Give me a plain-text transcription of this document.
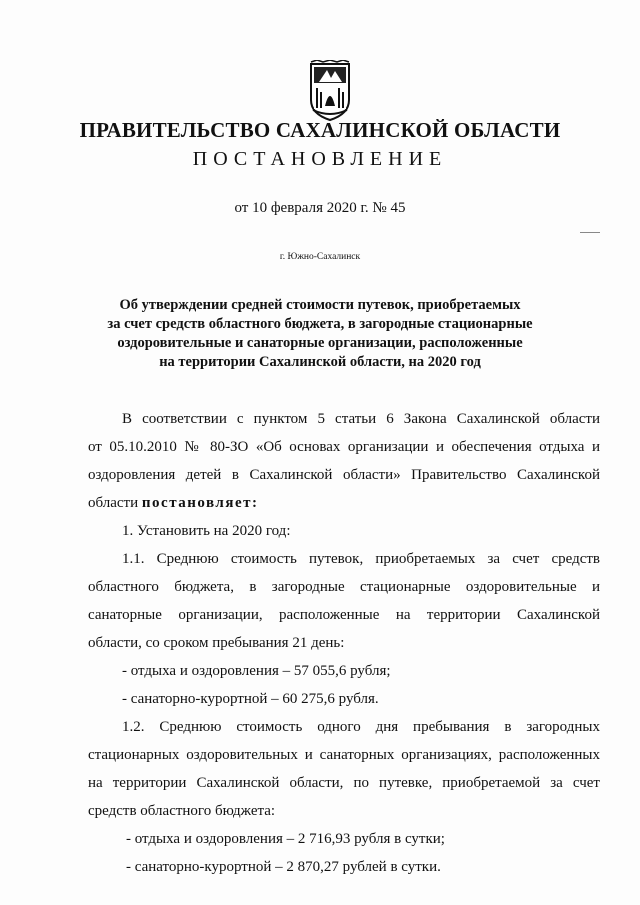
ПРАВИТЕЛЬСТВО САХАЛИНСКОЙ ОБЛАСТИ
ПОСТАНОВЛЕНИЕ
от 10 февраля 2020 г. № 45
г. Южно-Сахалинск
Об утверждении средней стоимости путевок, приобретаемых
за счет средств областного бюджета, в загородные стационарные
оздоровительные и санаторные организации, расположенные
на территории Сахалинской области, на 2020 год
В соответствии с пунктом 5 статьи 6 Закона Сахалинской области
от 05.10.2010 № 80-ЗО «Об основах организации и обеспечения отдыха и
оздоровления детей в Сахалинской области» Правительство Сахалинской
области постановляет:
1. Установить на 2020 год:
1.1. Среднюю стоимость путевок, приобретаемых за счет средств
областного бюджета, в загородные стационарные оздоровительные и
санаторные организации, расположенные на территории Сахалинской
области, со сроком пребывания 21 день:
- отдыха и оздоровления – 57 055,6 рубля;
- санаторно-курортной – 60 275,6 рубля.
1.2. Среднюю стоимость одного дня пребывания в загородных
стационарных оздоровительных и санаторных организациях, расположенных
на территории Сахалинской области, по путевке, приобретаемой за счет
средств областного бюджета:
- отдыха и оздоровления – 2 716,93 рубля в сутки;
- санаторно-курортной – 2 870,27 рублей в сутки.
